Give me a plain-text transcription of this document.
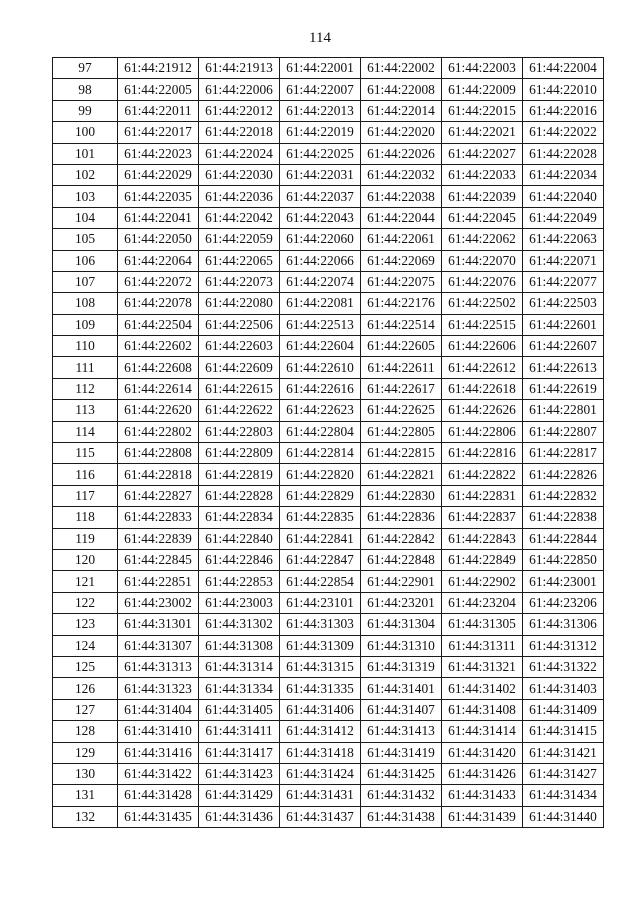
114
97	61:44:21912	61:44:21913	61:44:22001	61:44:22002	61:44:22003	61:44:22004
98	61:44:22005	61:44:22006	61:44:22007	61:44:22008	61:44:22009	61:44:22010
99	61:44:22011	61:44:22012	61:44:22013	61:44:22014	61:44:22015	61:44:22016
100	61:44:22017	61:44:22018	61:44:22019	61:44:22020	61:44:22021	61:44:22022
101	61:44:22023	61:44:22024	61:44:22025	61:44:22026	61:44:22027	61:44:22028
102	61:44:22029	61:44:22030	61:44:22031	61:44:22032	61:44:22033	61:44:22034
103	61:44:22035	61:44:22036	61:44:22037	61:44:22038	61:44:22039	61:44:22040
104	61:44:22041	61:44:22042	61:44:22043	61:44:22044	61:44:22045	61:44:22049
105	61:44:22050	61:44:22059	61:44:22060	61:44:22061	61:44:22062	61:44:22063
106	61:44:22064	61:44:22065	61:44:22066	61:44:22069	61:44:22070	61:44:22071
107	61:44:22072	61:44:22073	61:44:22074	61:44:22075	61:44:22076	61:44:22077
108	61:44:22078	61:44:22080	61:44:22081	61:44:22176	61:44:22502	61:44:22503
109	61:44:22504	61:44:22506	61:44:22513	61:44:22514	61:44:22515	61:44:22601
110	61:44:22602	61:44:22603	61:44:22604	61:44:22605	61:44:22606	61:44:22607
111	61:44:22608	61:44:22609	61:44:22610	61:44:22611	61:44:22612	61:44:22613
112	61:44:22614	61:44:22615	61:44:22616	61:44:22617	61:44:22618	61:44:22619
113	61:44:22620	61:44:22622	61:44:22623	61:44:22625	61:44:22626	61:44:22801
114	61:44:22802	61:44:22803	61:44:22804	61:44:22805	61:44:22806	61:44:22807
115	61:44:22808	61:44:22809	61:44:22814	61:44:22815	61:44:22816	61:44:22817
116	61:44:22818	61:44:22819	61:44:22820	61:44:22821	61:44:22822	61:44:22826
117	61:44:22827	61:44:22828	61:44:22829	61:44:22830	61:44:22831	61:44:22832
118	61:44:22833	61:44:22834	61:44:22835	61:44:22836	61:44:22837	61:44:22838
119	61:44:22839	61:44:22840	61:44:22841	61:44:22842	61:44:22843	61:44:22844
120	61:44:22845	61:44:22846	61:44:22847	61:44:22848	61:44:22849	61:44:22850
121	61:44:22851	61:44:22853	61:44:22854	61:44:22901	61:44:22902	61:44:23001
122	61:44:23002	61:44:23003	61:44:23101	61:44:23201	61:44:23204	61:44:23206
123	61:44:31301	61:44:31302	61:44:31303	61:44:31304	61:44:31305	61:44:31306
124	61:44:31307	61:44:31308	61:44:31309	61:44:31310	61:44:31311	61:44:31312
125	61:44:31313	61:44:31314	61:44:31315	61:44:31319	61:44:31321	61:44:31322
126	61:44:31323	61:44:31334	61:44:31335	61:44:31401	61:44:31402	61:44:31403
127	61:44:31404	61:44:31405	61:44:31406	61:44:31407	61:44:31408	61:44:31409
128	61:44:31410	61:44:31411	61:44:31412	61:44:31413	61:44:31414	61:44:31415
129	61:44:31416	61:44:31417	61:44:31418	61:44:31419	61:44:31420	61:44:31421
130	61:44:31422	61:44:31423	61:44:31424	61:44:31425	61:44:31426	61:44:31427
131	61:44:31428	61:44:31429	61:44:31431	61:44:31432	61:44:31433	61:44:31434
132	61:44:31435	61:44:31436	61:44:31437	61:44:31438	61:44:31439	61:44:31440
